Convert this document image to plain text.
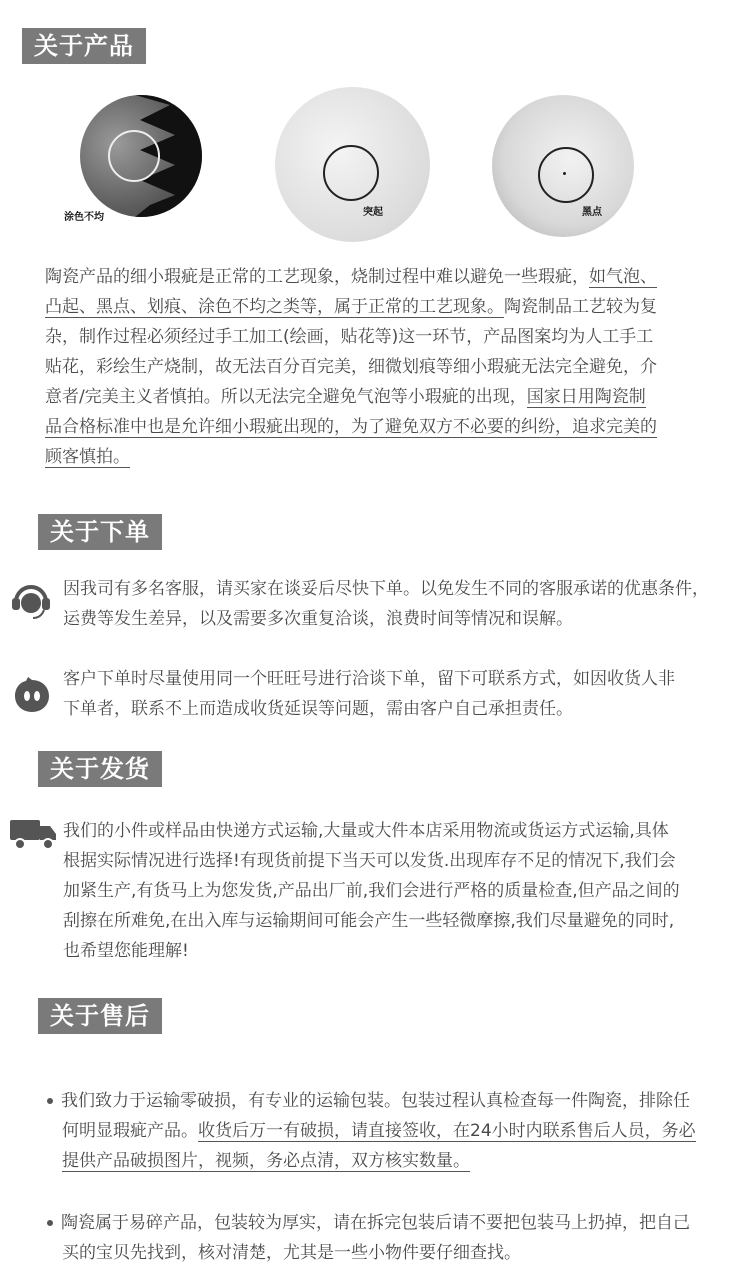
关于产品
涂色不均	突起	黑点
陶瓷产品的细小瑕疵是正常的工艺现象，烧制过程中难以避免一些瑕疵，如气泡、
凸起、黑点、划痕、涂色不均之类等，属于正常的工艺现象。陶瓷制品工艺较为复
杂，制作过程必须经过手工加工(绘画，贴花等)这一环节，产品图案均为人工手工
贴花，彩绘生产烧制，故无法百分百完美，细微划痕等细小瑕疵无法完全避免，介
意者/完美主义者慎拍。所以无法完全避免气泡等小瑕疵的出现，国家日用陶瓷制
品合格标准中也是允许细小瑕疵出现的，为了避免双方不必要的纠纷，追求完美的
顾客慎拍。
关于下单
因我司有多名客服，请买家在谈妥后尽快下单。以免发生不同的客服承诺的优惠条件，
运费等发生差异，以及需要多次重复洽谈，浪费时间等情况和误解。
客户下单时尽量使用同一个旺旺号进行洽谈下单，留下可联系方式，如因收货人非
下单者，联系不上而造成收货延误等问题，需由客户自己承担责任。
关于发货
我们的小件或样品由快递方式运输,大量或大件本店采用物流或货运方式运输,具体
根据实际情况进行选择!有现货前提下当天可以发货.出现库存不足的情况下,我们会
加紧生产,有货马上为您发货,产品出厂前,我们会进行严格的质量检查,但产品之间的
刮擦在所难免,在出入库与运输期间可能会产生一些轻微摩擦,我们尽量避免的同时,
也希望您能理解!
关于售后
我们致力于运输零破损，有专业的运输包装。包装过程认真检查每一件陶瓷，排除任
何明显瑕疵产品。收货后万一有破损，请直接签收，在24小时内联系售后人员，务必
提供产品破损图片，视频，务必点清，双方核实数量。
陶瓷属于易碎产品，包装较为厚实，请在拆完包装后请不要把包装马上扔掉，把自己
买的宝贝先找到，核对清楚，尤其是一些小物件要仔细查找。
